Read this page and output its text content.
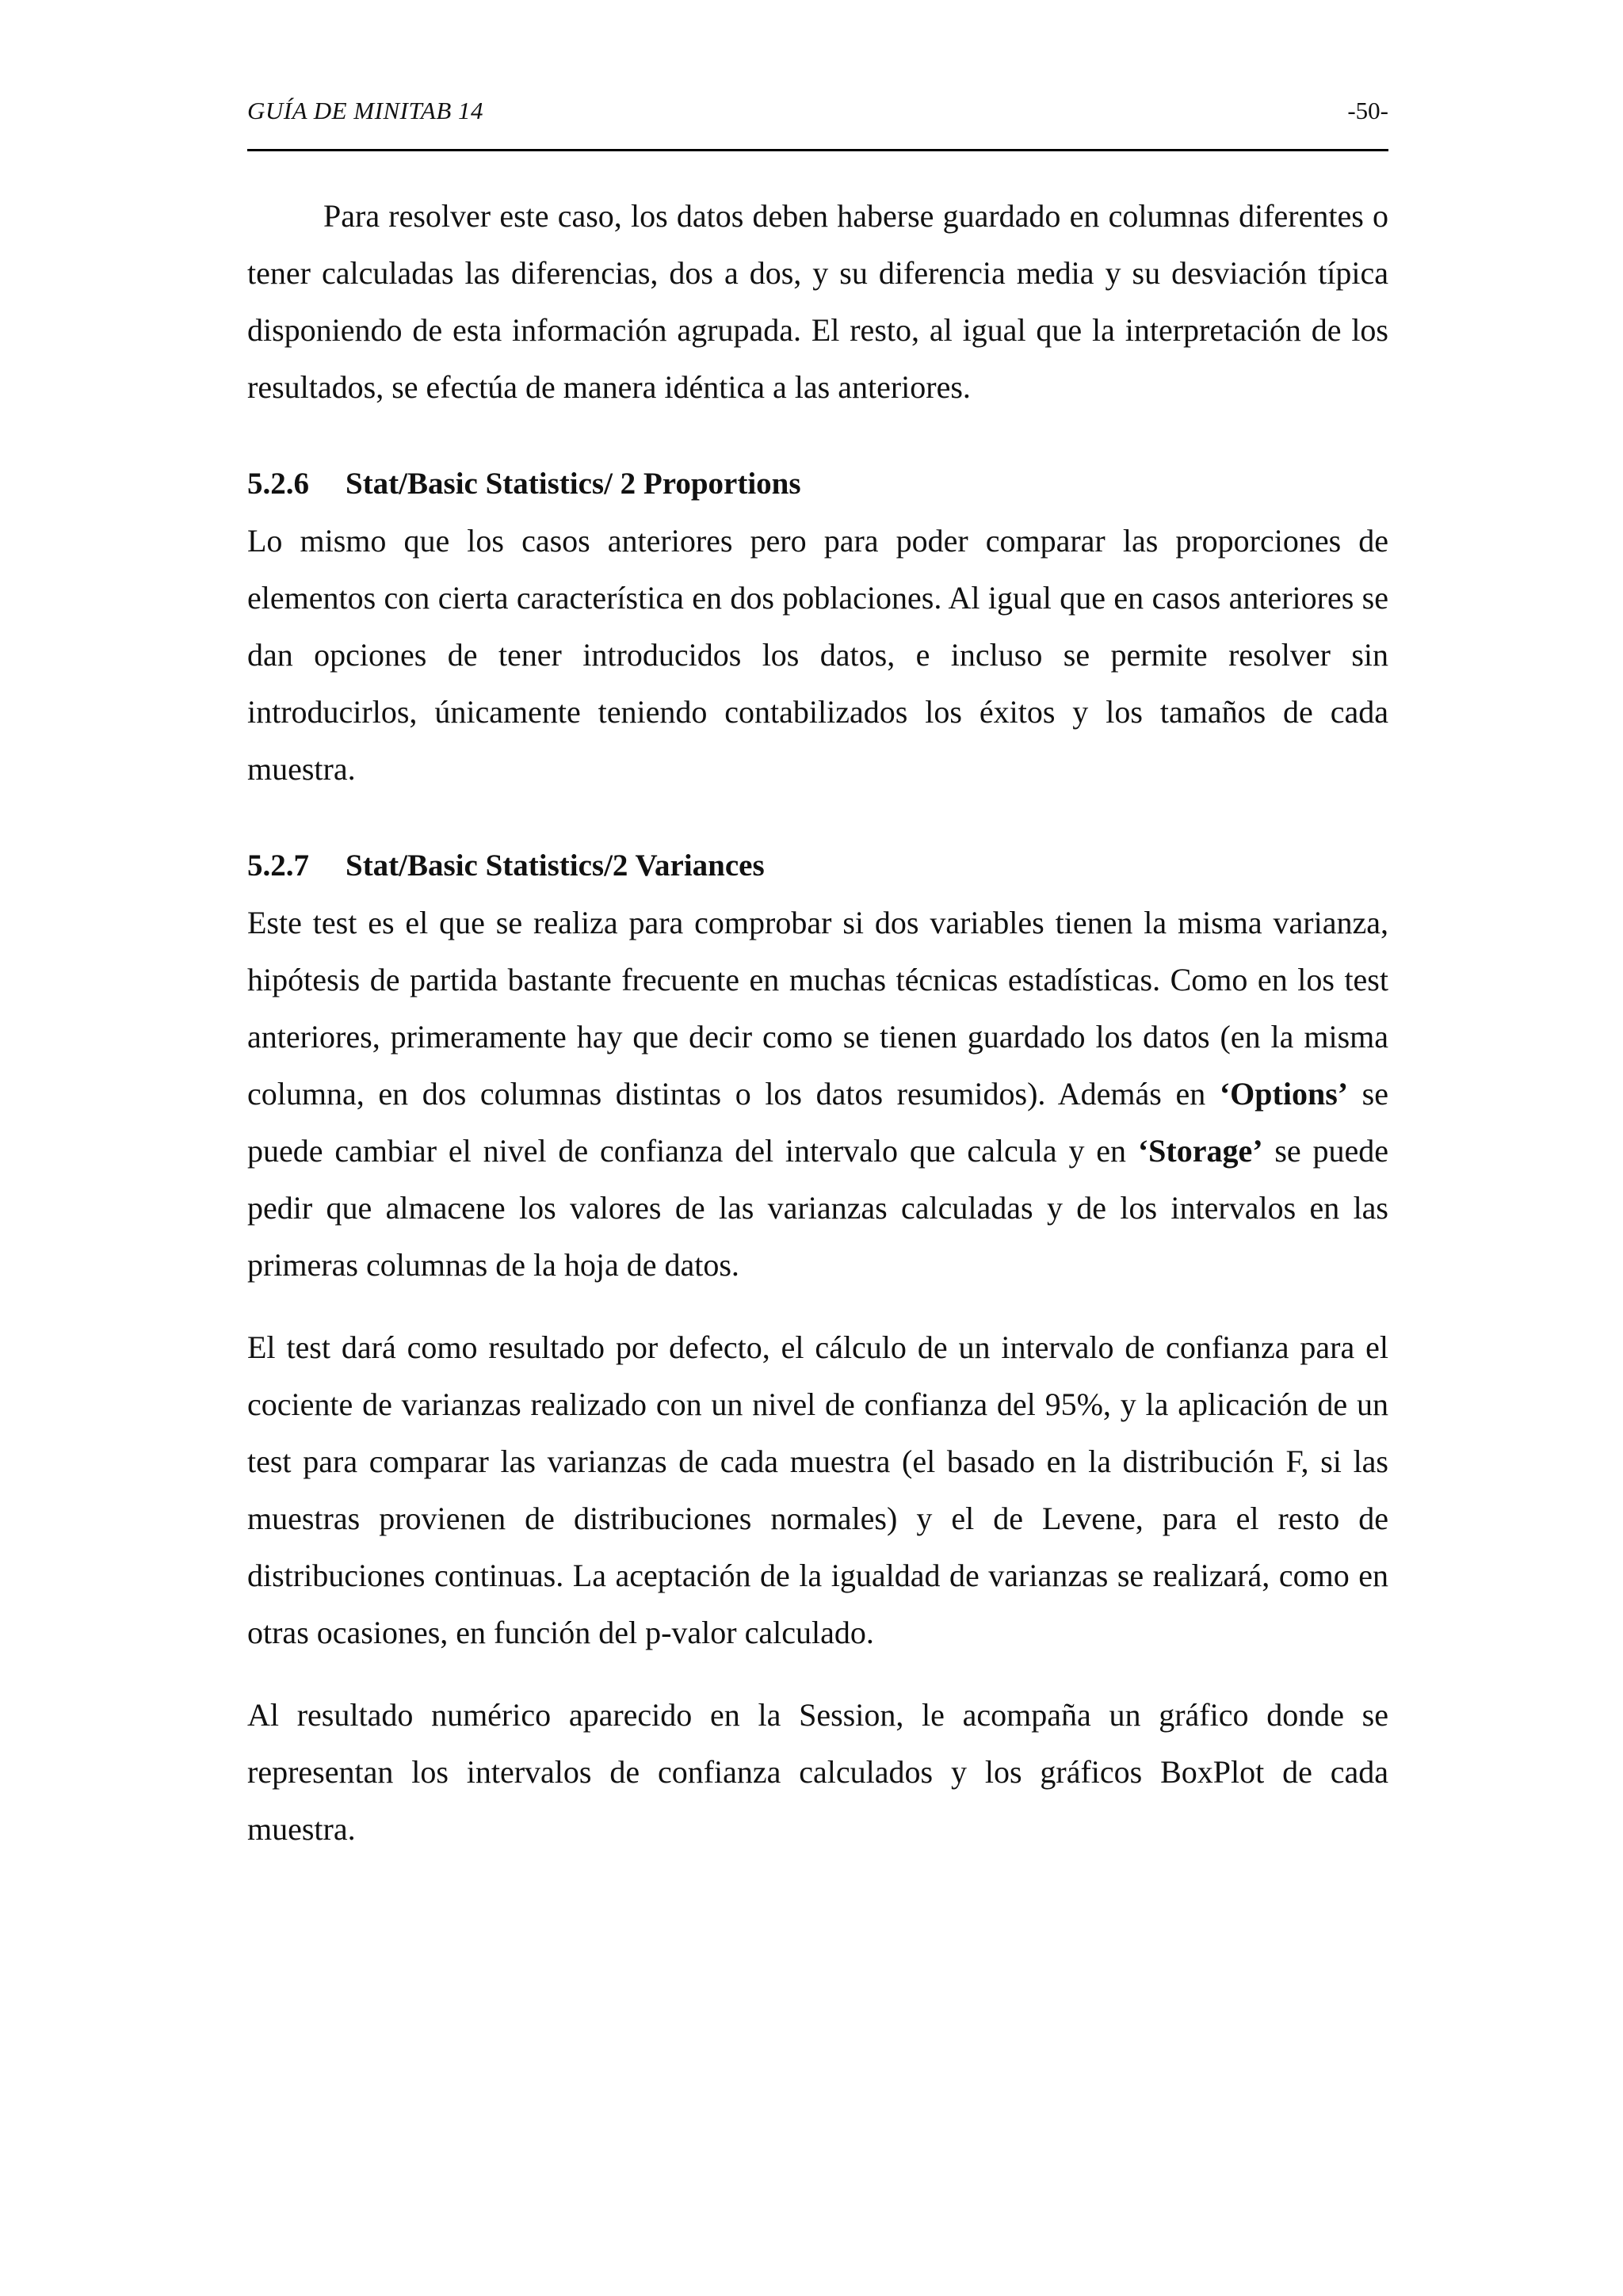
GUÍA DE MINITAB 14	-50-

Para resolver este caso, los datos deben haberse guardado en columnas diferentes o tener calculadas las diferencias, dos a dos, y su diferencia media y su desviación típica disponiendo de esta información agrupada. El resto, al igual que la interpretación de los resultados, se efectúa de manera idéntica a las anteriores.

5.2.6 Stat/Basic Statistics/ 2 Proportions

Lo mismo que los casos anteriores pero para poder comparar las proporciones de elementos con cierta característica en dos poblaciones. Al igual que en casos anteriores se dan opciones de tener introducidos los datos, e incluso se permite resolver sin introducirlos, únicamente teniendo contabilizados los éxitos y los tamaños de cada muestra.

5.2.7 Stat/Basic Statistics/2 Variances

Este test es el que se realiza para comprobar si dos variables tienen la misma varianza, hipótesis de partida bastante frecuente en muchas técnicas estadísticas. Como en los test anteriores, primeramente hay que decir como se tienen guardado los datos (en la misma columna, en dos columnas distintas o los datos resumidos). Además en ‘Options’ se puede cambiar el nivel de confianza del intervalo que calcula y en ‘Storage’ se puede pedir que almacene los valores de las varianzas calculadas y de los intervalos en las primeras columnas de la hoja de datos.

El test dará como resultado por defecto, el cálculo de un intervalo de confianza para el cociente de varianzas realizado con un nivel de confianza del 95%, y la aplicación de un test para comparar las varianzas de cada muestra (el basado en la distribución F, si las muestras provienen de distribuciones normales) y el de Levene, para el resto de distribuciones continuas. La aceptación de la igualdad de varianzas se realizará, como en otras ocasiones, en función del p-valor calculado.

Al resultado numérico aparecido en la Session, le acompaña un gráfico donde se representan los intervalos de confianza calculados y los gráficos BoxPlot de cada muestra.
